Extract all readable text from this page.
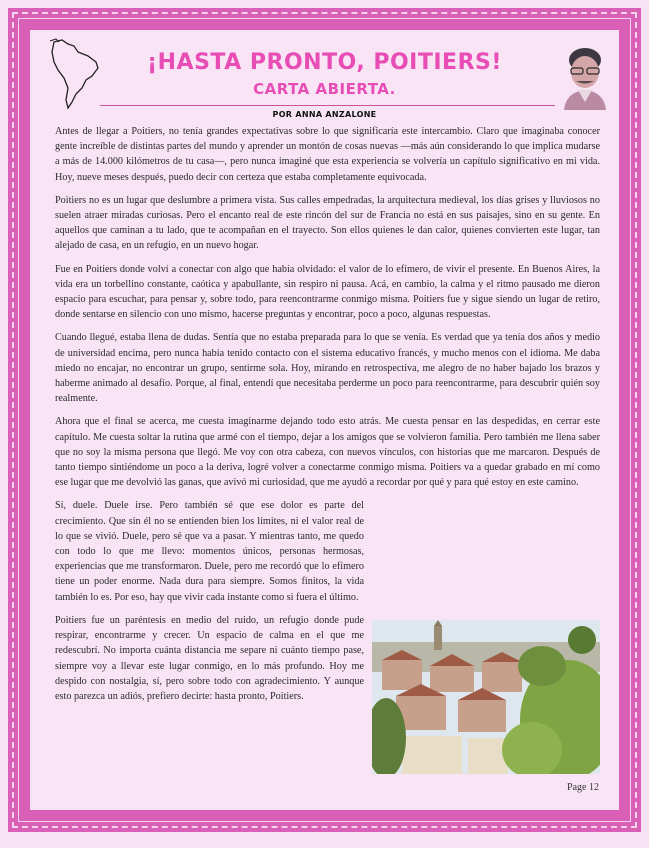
¡HASTA PRONTO, POITIERS!
CARTA ABIERTA.
POR ANNA ANZALONE

Antes de llegar a Poitiers, no tenía grandes expectativas sobre lo que significaría este intercambio. Claro que imaginaba conocer gente increíble de distintas partes del mundo y aprender un montón de cosas nuevas —más aún considerando lo que implica mudarse a más de 14.000 kilómetros de tu casa—, pero nunca imaginé que esta experiencia se volvería un capítulo significativo en mi vida. Hoy, nueve meses después, puedo decir con certeza que estaba completamente equivocada.

Poitiers no es un lugar que deslumbre a primera vista. Sus calles empedradas, la arquitectura medieval, los días grises y lluviosos no suelen atraer miradas curiosas. Pero el encanto real de este rincón del sur de Francia no está en sus paisajes, sino en su gente. En aquellos que caminan a tu lado, que te acompañan en el trayecto. Son ellos quienes le dan calor, quienes convierten este lugar, tan alejado de casa, en un refugio, en un nuevo hogar.

Fue en Poitiers donde volví a conectar con algo que había olvidado: el valor de lo efímero, de vivir el presente. En Buenos Aires, la vida era un torbellino constante, caótica y apabullante, sin respiro ni pausa. Acá, en cambio, la calma y el ritmo pausado me dieron espacio para escuchar, para pensar y, sobre todo, para reencontrarme conmigo misma. Poitiers fue y sigue siendo un lugar de retiro, donde sentarse en silencio con uno mismo, hacerse preguntas y encontrar, poco a poco, algunas respuestas.

Cuando llegué, estaba llena de dudas. Sentía que no estaba preparada para lo que se venía. Es verdad que ya tenía dos años y medio de universidad encima, pero nunca había tenido contacto con el sistema educativo francés, y mucho menos con el idioma. Me daba miedo no encajar, no encontrar un grupo, sentirme sola. Hoy, mirando en retrospectiva, me alegro de no haber bajado los brazos y haberme animado al desafío. Porque, al final, entendí que necesitaba perderme un poco para reencontrarme, para descubrir quién soy realmente.

Ahora que el final se acerca, me cuesta imaginarme dejando todo esto atrás. Me cuesta pensar en las despedidas, en cerrar este capítulo. Me cuesta soltar la rutina que armé con el tiempo, dejar a los amigos que se volvieron familia. Pero también me llena saber que no soy la misma persona que llegó. Me voy con otra cabeza, con nuevos vínculos, con historias que me marcaron. Después de tanto tiempo sintiéndome un poco a la deriva, logré volver a conectarme conmigo misma. Poitiers va a quedar grabado en mí como ese lugar que me devolvió las ganas, que avivó mi curiosidad, que me ayudó a recordar por qué y para qué estoy en este camino.

Sí, duele. Duele irse. Pero también sé que ese dolor es parte del crecimiento. Que sin él no se entienden bien los límites, ni el valor real de lo que se vivió. Duele, pero sé que va a pasar. Y mientras tanto, me quedo con todo lo que me llevo: momentos únicos, personas hermosas, experiencias que me transformaron. Duele, pero me recordó que lo efímero tiene un poder enorme. Nada dura para siempre. Somos finitos, la vida también lo es. Por eso, hay que vivir cada instante como si fuera el último.

Poitiers fue un paréntesis en medio del ruido, un refugio donde pude respirar, encontrarme y crecer. Un espacio de calma en el que me redescubrí. No importa cuánta distancia me separe ni cuánto tiempo pase, siempre voy a llevar este lugar conmigo, en lo más profundo. Hoy me despido con nostalgia, sí, pero sobre todo con agradecimiento. Y aunque esto parezca un adiós, prefiero decirte: hasta pronto, Poitiers.

Page 12
